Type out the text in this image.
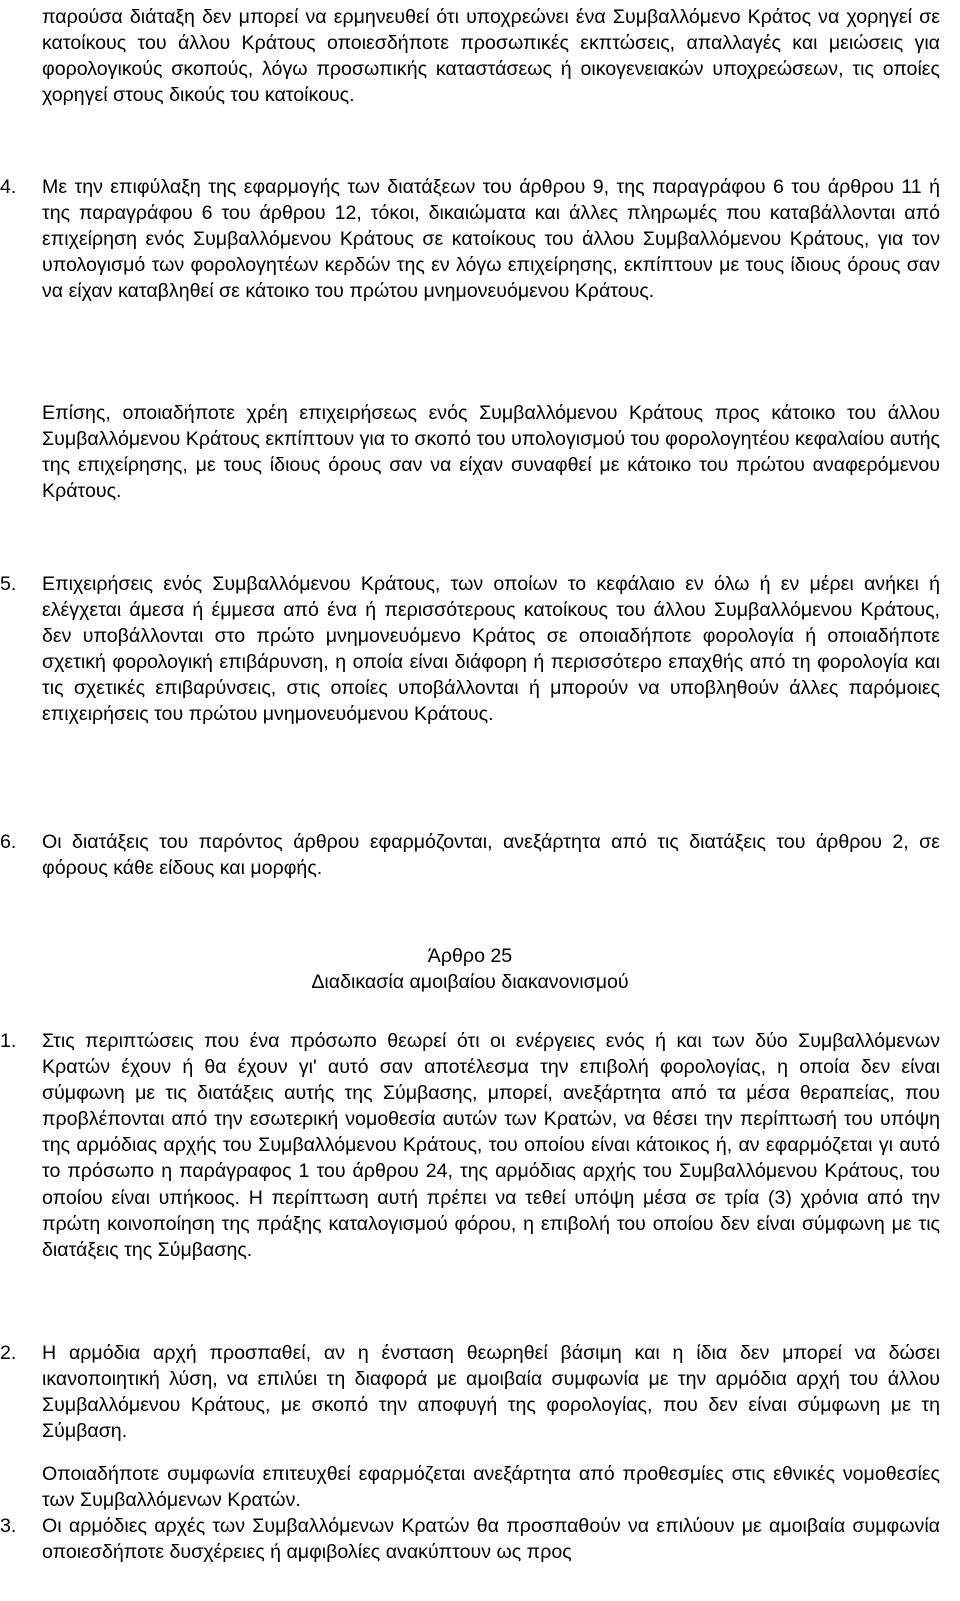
παρούσα διάταξη δεν μπορεί να ερμηνευθεί ότι υποχρεώνει ένα Συμβαλλόμενο Κράτος να χορηγεί σε κατοίκους του άλλου Κράτους οποιεσδήποτε προσωπικές εκπτώσεις, απαλλαγές και μειώσεις για φορολογικούς σκοπούς, λόγω προσωπικής καταστάσεως ή οικογενειακών υποχρεώσεων, τις οποίες χορηγεί στους δικούς του κατοίκους.

4.	Με την επιφύλαξη της εφαρμογής των διατάξεων του άρθρου 9, της παραγράφου 6 του άρθρου 11 ή της παραγράφου 6 του άρθρου 12, τόκοι, δικαιώματα και άλλες πληρωμές που καταβάλλονται από επιχείρηση ενός Συμβαλλόμενου Κράτους σε κατοίκους του άλλου Συμβαλλόμενου Κράτους, για τον υπολογισμό των φορολογητέων κερδών της εν λόγω επιχείρησης, εκπίπτουν με τους ίδιους όρους σαν να είχαν καταβληθεί σε κάτοικο του πρώτου μνημονευόμενου Κράτους.

Επίσης, οποιαδήποτε χρέη επιχειρήσεως ενός Συμβαλλόμενου Κράτους προς κάτοικο του άλλου Συμβαλλόμενου Κράτους εκπίπτουν για το σκοπό του υπολογισμού του φορολογητέου κεφαλαίου αυτής της επιχείρησης, με τους ίδιους όρους σαν να είχαν συναφθεί με κάτοικο του πρώτου αναφερόμενου Κράτους.

5.	Επιχειρήσεις ενός Συμβαλλόμενου Κράτους, των οποίων το κεφάλαιο εν όλω ή εν μέρει ανήκει ή ελέγχεται άμεσα ή έμμεσα από ένα ή περισσότερους κατοίκους του άλλου Συμβαλλόμενου Κράτους, δεν υποβάλλονται στο πρώτο μνημονευόμενο Κράτος σε οποιαδήποτε φορολογία ή οποιαδήποτε σχετική φορολογική επιβάρυνση, η οποία είναι διάφορη ή περισσότερο επαχθής από τη φορολογία και τις σχετικές επιβαρύνσεις, στις οποίες υποβάλλονται ή μπορούν να υποβληθούν άλλες παρόμοιες επιχειρήσεις του πρώτου μνημονευόμενου Κράτους.

6.	Οι διατάξεις του παρόντος άρθρου εφαρμόζονται, ανεξάρτητα από τις διατάξεις του άρθρου 2, σε φόρους κάθε είδους και μορφής.

Άρθρο 25

Διαδικασία αμοιβαίου διακανονισμού

1.	Στις περιπτώσεις που ένα πρόσωπο θεωρεί ότι οι ενέργειες ενός ή και των δύο Συμβαλλόμενων Κρατών έχουν ή θα έχουν γι' αυτό σαν αποτέλεσμα την επιβολή φορολογίας, η οποία δεν είναι σύμφωνη με τις διατάξεις αυτής της Σύμβασης, μπορεί, ανεξάρτητα από τα μέσα θεραπείας, που προβλέπονται από την εσωτερική νομοθεσία αυτών των Κρατών, να θέσει την περίπτωσή του υπόψη της αρμόδιας αρχής του Συμβαλλόμενου Κράτους, του οποίου είναι κάτοικος ή, αν εφαρμόζεται γι αυτό το πρόσωπο η παράγραφος 1 του άρθρου 24, της αρμόδιας αρχής του Συμβαλλόμενου Κράτους, του οποίου είναι υπήκοος. Η περίπτωση αυτή πρέπει να τεθεί υπόψη μέσα σε τρία (3) χρόνια από την πρώτη κοινοποίηση της πράξης καταλογισμού φόρου, η επιβολή του οποίου δεν είναι σύμφωνη με τις διατάξεις της Σύμβασης.

2.	Η αρμόδια αρχή προσπαθεί, αν η ένσταση θεωρηθεί βάσιμη και η ίδια δεν μπορεί να δώσει ικανοποιητική λύση, να επιλύει τη διαφορά με αμοιβαία συμφωνία με την αρμόδια αρχή του άλλου Συμβαλλόμενου Κράτους, με σκοπό την αποφυγή της φορολογίας, που δεν είναι σύμφωνη με τη Σύμβαση.

Οποιαδήποτε συμφωνία επιτευχθεί εφαρμόζεται ανεξάρτητα από προθεσμίες στις εθνικές νομοθεσίες των Συμβαλλόμενων Κρατών.

3.	Οι αρμόδιες αρχές των Συμβαλλόμενων Κρατών θα προσπαθούν να επιλύουν με αμοιβαία συμφωνία οποιεσδήποτε δυσχέρειες ή αμφιβολίες ανακύπτουν ως προς
